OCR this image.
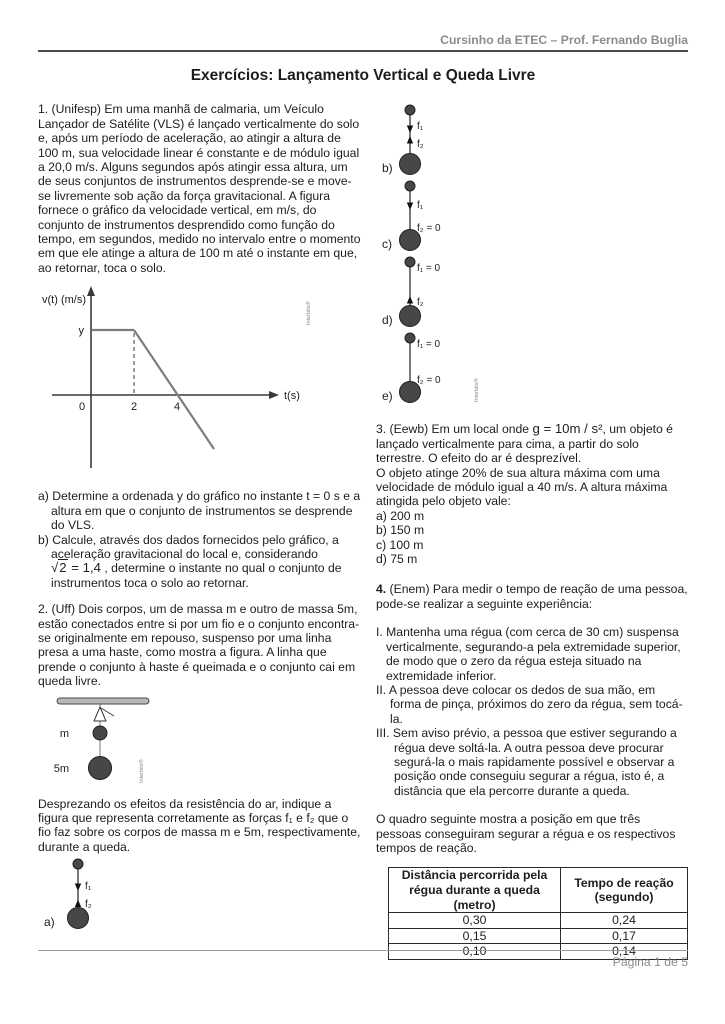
Cursinho da ETEC – Prof. Fernando Buglia
Exercícios: Lançamento Vertical e Queda Livre

1. (Unifesp) Em uma manhã de calmaria, um Veículo Lançador de Satélite (VLS) é lançado verticalmente do solo e, após um período de aceleração, ao atingir a altura de 100 m, sua velocidade linear é constante e de módulo igual a 20,0 m/s. Alguns segundos após atingir essa altura, um de seus conjuntos de instrumentos desprende-se e move-se livremente sob ação da força gravitacional. A figura fornece o gráfico da velocidade vertical, em m/s, do conjunto de instrumentos desprendido como função do tempo, em segundos, medido no intervalo entre o momento em que ele atinge a altura de 100 m até o instante em que, ao retornar, toca o solo.

v(t) (m/s)
t(s)
y
0	2	4
Interbits®
a) Determine a ordenada y do gráfico no instante t = 0 s e a altura em que o conjunto de instrumentos se desprende do VLS.
b) Calcule, através dos dados fornecidos pelo gráfico, a aceleração gravitacional do local e, considerando √2 = 1,4 , determine o instante no qual o conjunto de instrumentos toca o solo ao retornar.

2. (Uff) Dois corpos, um de massa m e outro de massa 5m, estão conectados entre si por um fio e o conjunto encontra-se originalmente em repouso, suspenso por uma linha presa a uma haste, como mostra a figura. A linha que prende o conjunto à haste é queimada e o conjunto cai em queda livre.

m
5m	Interbits®

Desprezando os efeitos da resistência do ar, indique a figura que representa corretamente as forças f₁ e f₂ que o fio faz sobre os corpos de massa m e 5m, respectivamente, durante a queda.

f₁
f₂
a)
f₁
f₂
b)
f₁
f₂ = 0
c)
f₁ = 0
f₂
d)
f₁ = 0
f₂ = 0
e)	Interbits®

3. (Eewb) Em um local onde g = 10m / s², um objeto é lançado verticalmente para cima, a partir do solo terrestre. O efeito do ar é desprezível.

O objeto atinge 20% de sua altura máxima com uma velocidade de módulo igual a 40 m/s. A altura máxima atingida pelo objeto vale:

a) 200 m
b) 150 m
c) 100 m
d) 75 m

4. (Enem) Para medir o tempo de reação de uma pessoa, pode-se realizar a seguinte experiência:

I. Mantenha uma régua (com cerca de 30 cm) suspensa verticalmente, segurando-a pela extremidade superior, de modo que o zero da régua esteja situado na extremidade inferior.
II. A pessoa deve colocar os dedos de sua mão, em forma de pinça, próximos do zero da régua, sem tocá-la.
III. Sem aviso prévio, a pessoa que estiver segurando a régua deve soltá-la. A outra pessoa deve procurar segurá-la o mais rapidamente possível e observar a posição onde conseguiu segurar a régua, isto é, a distância que ela percorre durante a queda.

O quadro seguinte mostra a posição em que três pessoas conseguiram segurar a régua e os respectivos tempos de reação.

Distância percorrida pela régua durante a queda (metro)	Tempo de reação (segundo)
0,30	0,24
0,15	0,17
0,10	0,14
Página 1 de 5
